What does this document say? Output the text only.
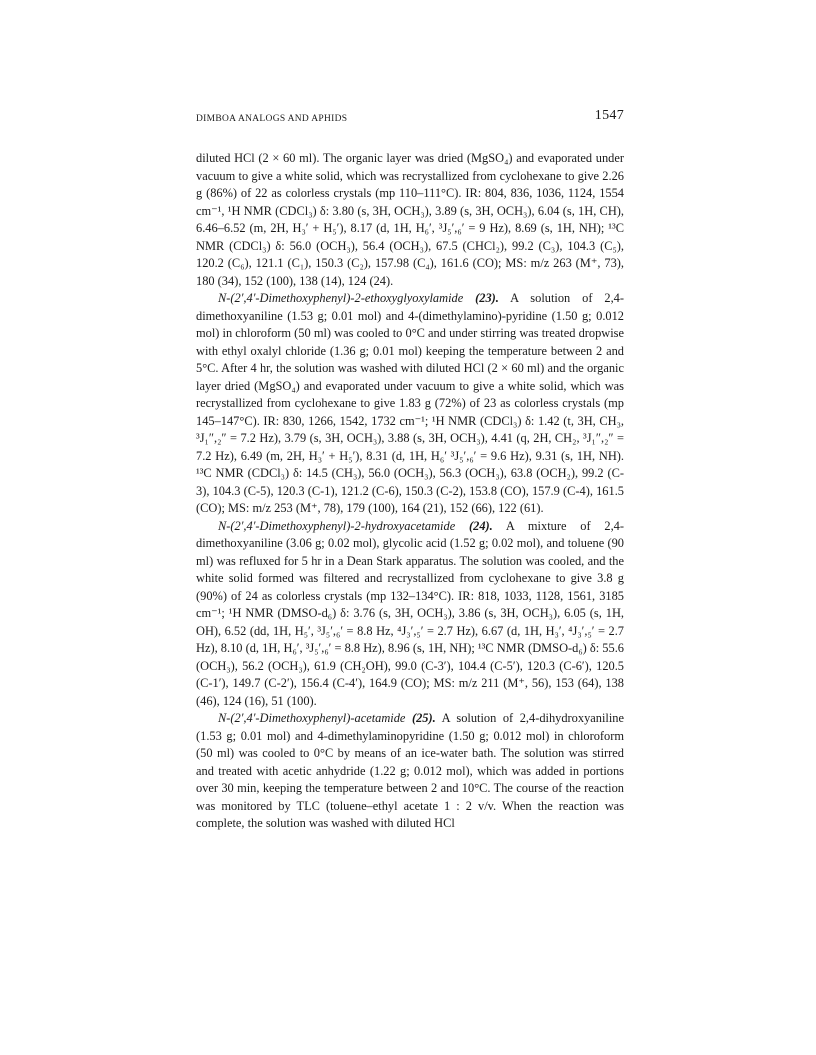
DIMBOA ANALOGS AND APHIDS	1547

diluted HCl (2 × 60 ml). The organic layer was dried (MgSO₄) and evaporated under vacuum to give a white solid, which was recrystallized from cyclohexane to give 2.26 g (86%) of 22 as colorless crystals (mp 110–111°C). IR: 804, 836, 1036, 1124, 1554 cm⁻¹, ¹H NMR (CDCl₃) δ: 3.80 (s, 3H, OCH₃), 3.89 (s, 3H, OCH₃), 6.04 (s, 1H, CH), 6.46–6.52 (m, 2H, H₃′ + H₅′), 8.17 (d, 1H, H₆′, ³J₅′,₆′ = 9 Hz), 8.69 (s, 1H, NH); ¹³C NMR (CDCl₃) δ: 56.0 (OCH₃), 56.4 (OCH₃), 67.5 (CHCl₂), 99.2 (C₃), 104.3 (C₅), 120.2 (C₆), 121.1 (C₁), 150.3 (C₂), 157.98 (C₄), 161.6 (CO); MS: m/z 263 (M⁺, 73), 180 (34), 152 (100), 138 (14), 124 (24).

N-(2′,4′-Dimethoxyphenyl)-2-ethoxyglyoxylamide (23). A solution of 2,4-dimethoxyaniline (1.53 g; 0.01 mol) and 4-(dimethylamino)-pyridine (1.50 g; 0.012 mol) in chloroform (50 ml) was cooled to 0°C and under stirring was treated dropwise with ethyl oxalyl chloride (1.36 g; 0.01 mol) keeping the temperature between 2 and 5°C. After 4 hr, the solution was washed with diluted HCl (2 × 60 ml) and the organic layer dried (MgSO₄) and evaporated under vacuum to give a white solid, which was recrystallized from cyclohexane to give 1.83 g (72%) of 23 as colorless crystals (mp 145–147°C). IR: 830, 1266, 1542, 1732 cm⁻¹; ¹H NMR (CDCl₃) δ: 1.42 (t, 3H, CH₃, ³J₁″,₂″ = 7.2 Hz), 3.79 (s, 3H, OCH₃), 3.88 (s, 3H, OCH₃), 4.41 (q, 2H, CH₂, ³J₁″,₂″ = 7.2 Hz), 6.49 (m, 2H, H₃′ + H₅′), 8.31 (d, 1H, H₆′ ³J₅′,₆′ = 9.6 Hz), 9.31 (s, 1H, NH). ¹³C NMR (CDCl₃) δ: 14.5 (CH₃), 56.0 (OCH₃), 56.3 (OCH₃), 63.8 (OCH₂), 99.2 (C-3), 104.3 (C-5), 120.3 (C-1), 121.2 (C-6), 150.3 (C-2), 153.8 (CO), 157.9 (C-4), 161.5 (CO); MS: m/z 253 (M⁺, 78), 179 (100), 164 (21), 152 (66), 122 (61).

N-(2′,4′-Dimethoxyphenyl)-2-hydroxyacetamide (24). A mixture of 2,4-dimethoxyaniline (3.06 g; 0.02 mol), glycolic acid (1.52 g; 0.02 mol), and toluene (90 ml) was refluxed for 5 hr in a Dean Stark apparatus. The solution was cooled, and the white solid formed was filtered and recrystallized from cyclohexane to give 3.8 g (90%) of 24 as colorless crystals (mp 132–134°C). IR: 818, 1033, 1128, 1561, 3185 cm⁻¹; ¹H NMR (DMSO-d₆) δ: 3.76 (s, 3H, OCH₃), 3.86 (s, 3H, OCH₃), 6.05 (s, 1H, OH), 6.52 (dd, 1H, H₅′, ³J₅′,₆′ = 8.8 Hz, ⁴J₃′,₅′ = 2.7 Hz), 6.67 (d, 1H, H₃′, ⁴J₃′,₅′ = 2.7 Hz), 8.10 (d, 1H, H₆′, ³J₅′,₆′ = 8.8 Hz), 8.96 (s, 1H, NH); ¹³C NMR (DMSO-d₆) δ: 55.6 (OCH₃), 56.2 (OCH₃), 61.9 (CH₂OH), 99.0 (C-3′), 104.4 (C-5′), 120.3 (C-6′), 120.5 (C-1′), 149.7 (C-2′), 156.4 (C-4′), 164.9 (CO); MS: m/z 211 (M⁺, 56), 153 (64), 138 (46), 124 (16), 51 (100).

N-(2′,4′-Dimethoxyphenyl)-acetamide (25). A solution of 2,4-dihydroxyaniline (1.53 g; 0.01 mol) and 4-dimethylaminopyridine (1.50 g; 0.012 mol) in chloroform (50 ml) was cooled to 0°C by means of an ice-water bath. The solution was stirred and treated with acetic anhydride (1.22 g; 0.012 mol), which was added in portions over 30 min, keeping the temperature between 2 and 10°C. The course of the reaction was monitored by TLC (toluene–ethyl acetate 1 : 2 v/v. When the reaction was complete, the solution was washed with diluted HCl
